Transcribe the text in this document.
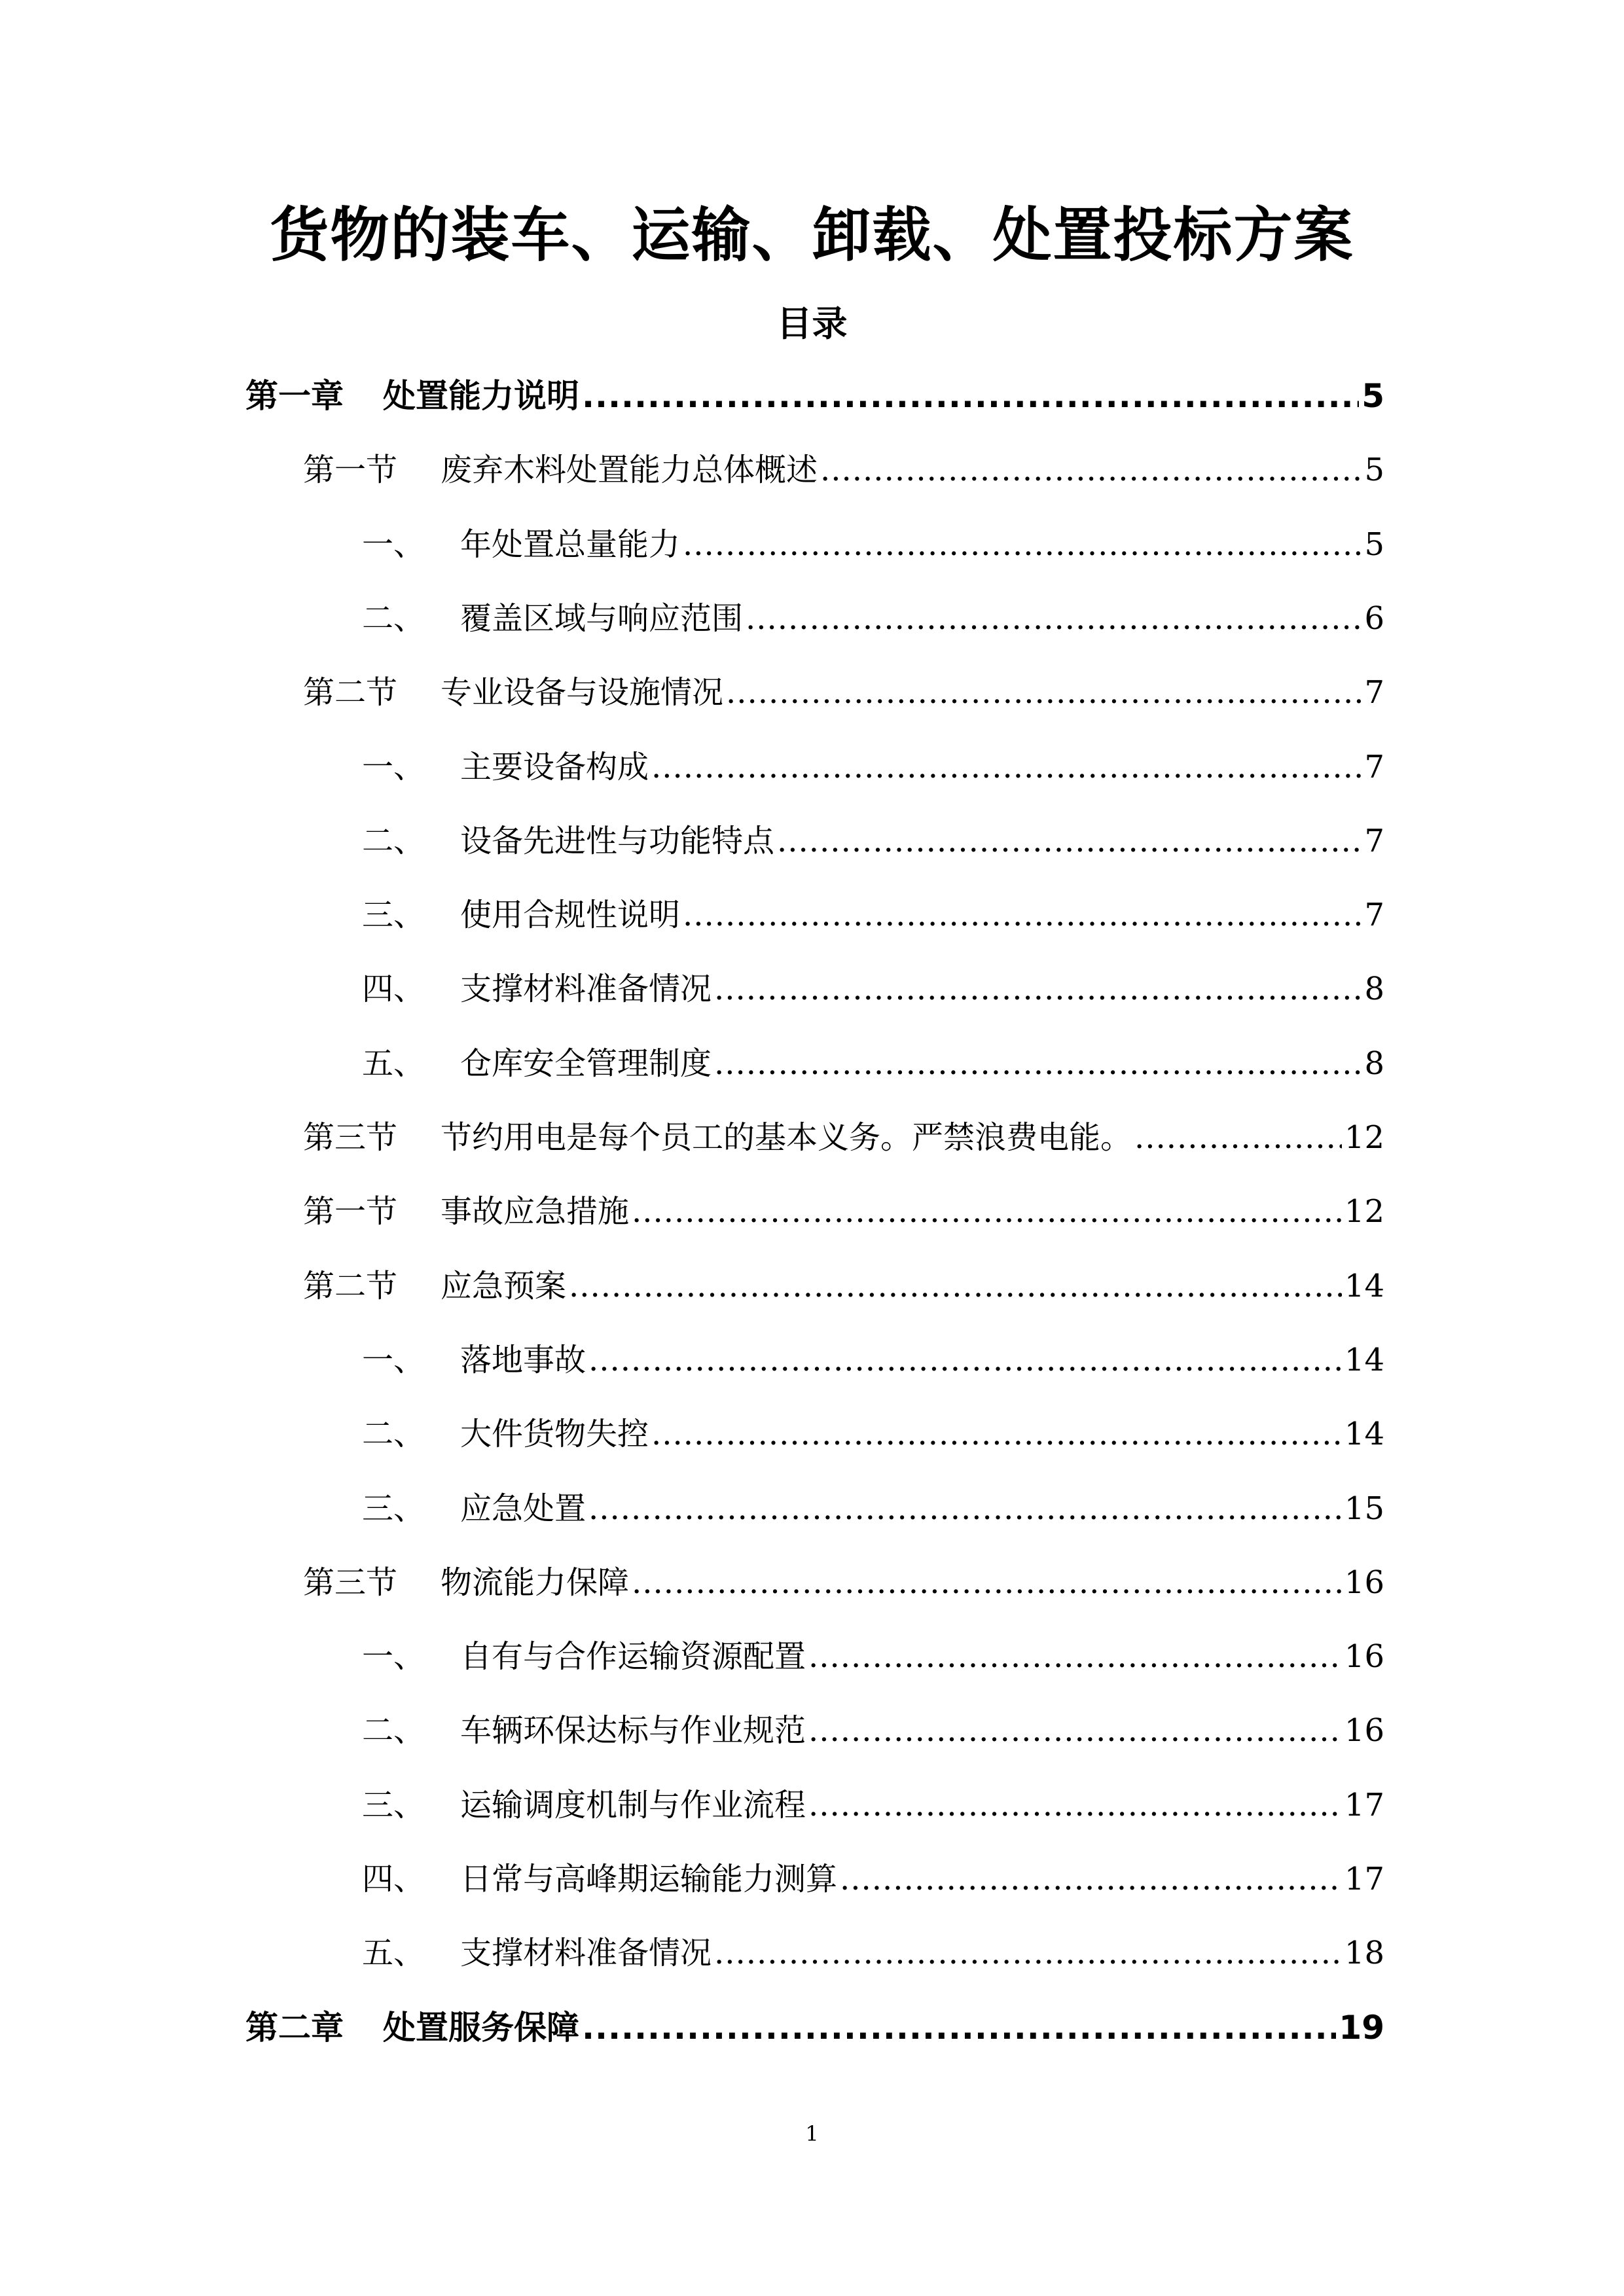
货物的装车、运输、卸载、处置投标方案
目录
第一章	处置能力说明 .....	5
第一节	废弃木料处置能力总体概述 .....	5
一、	年处置总量能力 .....	5
二、	覆盖区域与响应范围 .....	6
第二节	专业设备与设施情况 .....	7
一、	主要设备构成 .....	7
二、	设备先进性与功能特点 .....	7
三、	使用合规性说明 .....	7
四、	支撑材料准备情况 .....	8
五、	仓库安全管理制度 .....	8
第三节	节约用电是每个员工的基本义务。严禁浪费电能。 .....	12
第一节	事故应急措施 .....	12
第二节	应急预案 .....	14
一、	落地事故 .....	14
二、	大件货物失控 .....	14
三、	应急处置 .....	15
第三节	物流能力保障 .....	16
一、	自有与合作运输资源配置 .....	16
二、	车辆环保达标与作业规范 .....	16
三、	运输调度机制与作业流程 .....	17
四、	日常与高峰期运输能力测算 .....	17
五、	支撑材料准备情况 .....	18
第二章	处置服务保障 .....	19
1
